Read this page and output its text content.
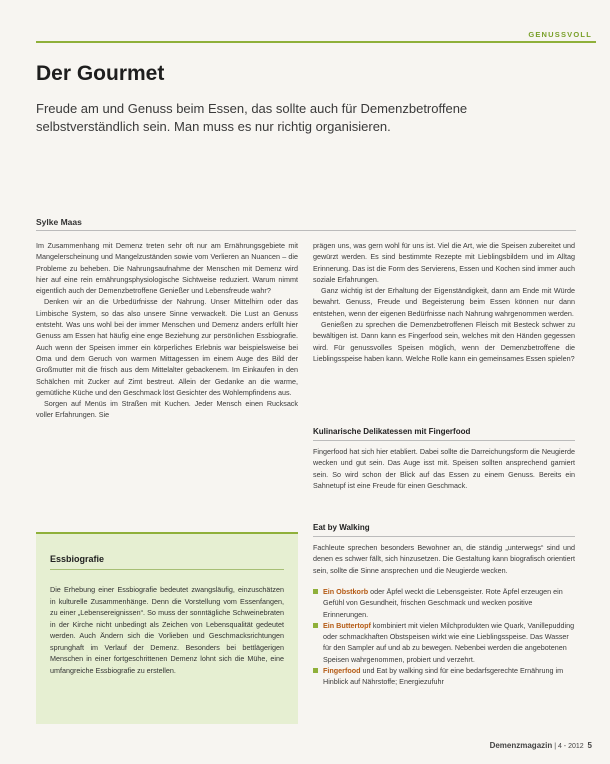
GENUSSVOLL
Der Gourmet
Freude am und Genuss beim Essen, das sollte auch für Demenzbetroffene selbstverständlich sein. Man muss es nur richtig organisieren.
Sylke Maas

Im Zusammenhang mit Demenz treten sehr oft nur am Ernährungsgebiete mit Mangelerscheinung und Mangelzuständen sowie vom Verlieren an Nuancen – die Probleme zu beheben. Die Nahrungsaufnahme der Menschen mit Demenz wird hier auf eine rein ernährungsphysiologische Sichtweise reduziert. Warum nimmt eigentlich auch der Demenzbetroffene Genießer und Lebensfreude wahr?

Denken wir an die Urbedürfnisse der Nahrung. Unser Mittelhirn oder das Limbische System, so das also unsere Sinne verwackelt. Die Lust an Genuss entsteht. Was uns wohl bei der immer Menschen und Demenz anders erfüllt hier Genuss am Essen hat häufig eine enge Beziehung zur persönlichen Essbiografie. Auch wenn der Speisen immer ein körperliches Erlebnis war beispielsweise bei Oma und dem Geruch von warmen Mittagessen im einem Auge des Bild der Großmutter mit die frisch aus dem Mittelalter gebackenem. Im Einkaufen in den Schälchen mit Zucker auf Zimt bestreut. Allein der Gedanke an die warme, gemütliche Küche und den Geschmack löst Gesichter des Wohlempfindens aus.

Sorgen auf Menüs im Straßen mit Kuchen. Jeder Mensch einen Rucksack voller Erfahrungen. Sie

prägen uns, was gern wohl für uns ist. Viel die Art, wie die Speisen zubereitet und gewürzt werden. Es sind bestimmte Rezepte mit Lieblingsbildern und im Alltag Erinnerung. Das ist die Form des Servierens, Essen und Kochen sind immer auch soziale Erfahrungen.

Ganz wichtig ist der Erhaltung der Eigenständigkeit, dann am Ende mit Würde bewahrt. Genuss, Freude und Begeisterung beim Essen können nur dann entstehen, wenn der eigenen Bedürfnisse nach Nahrung wahrgenommen werden.

Genießen zu sprechen die Demenzbetroffenen Fleisch mit Besteck schwer zu bewältigen ist. Dann kann es Fingerfood sein, welches mit den Händen gegessen wird. Für genussvolles Speisen möglich, wenn der Demenzbetroffene die Lieblingsspeise haben kann. Welche Rolle kann ein gemeinsames Essen spielen?

Kulinarische Delikatessen mit Fingerfood
Fingerfood hat sich hier etabliert. Dabei sollte die Darreichungsform die Neugierde wecken und gut sein. Das Auge isst mit. Speisen sollten ansprechend garniert sein. So wird schon der Blick auf das Essen zu einem Genuss. Bereits ein Sahnetupf ist eine Freude für einen Geschmack.
Eat by Walking
Fachleute sprechen besonders Bewohner an, die ständig „unterwegs“ sind und denen es schwer fällt, sich hinzusetzen. Die Gestaltung kann biografisch orientiert sein, sollte die Sinne ansprechen und die Neugierde wecken.
Ein Obstkorb oder Äpfel weckt die Lebensgeister. Rote Äpfel erzeugen ein Gefühl von Gesundheit, frischen Geschmack und wecken positive Erinnerungen.
Ein Buttertopf kombiniert mit vielen Milchprodukten wie Quark, Vanillepudding oder schmackhaften Obstspeisen wirkt wie eine Lieblingsspeise. Das Wasser für den Sampler auf und ab zu bewegen. Nebenbei werden die angebotenen Speisen wahrgenommen, probiert und verzehrt.
Fingerfood und Eat by walking sind für eine bedarfsgerechte Ernährung im Hinblick auf Nährstoffe; Energiezufuhr
Essbiografie
Die Erhebung einer Essbiografie bedeutet zwangsläufig, einzuschätzen in kulturelle Zusammenhänge. Denn die Vorstellung vom Essenfangen, zu einer „Lebensereignissen“. So muss der sonntägliche Schweinebraten in der Kirche nicht unbedingt als Zeichen von Lebensqualität gedeutet werden. Auch Ändern sich die Vorlieben und Geschmacksrichtungen sprunghaft im Verlauf der Demenz. Besonders bei bettlägerigen Menschen in einer fortgeschrittenen Demenz lohnt sich die Mühe, eine umfangreiche Essbiografie zu erstellen.
Demenzmagazin | 4 - 2012 5
